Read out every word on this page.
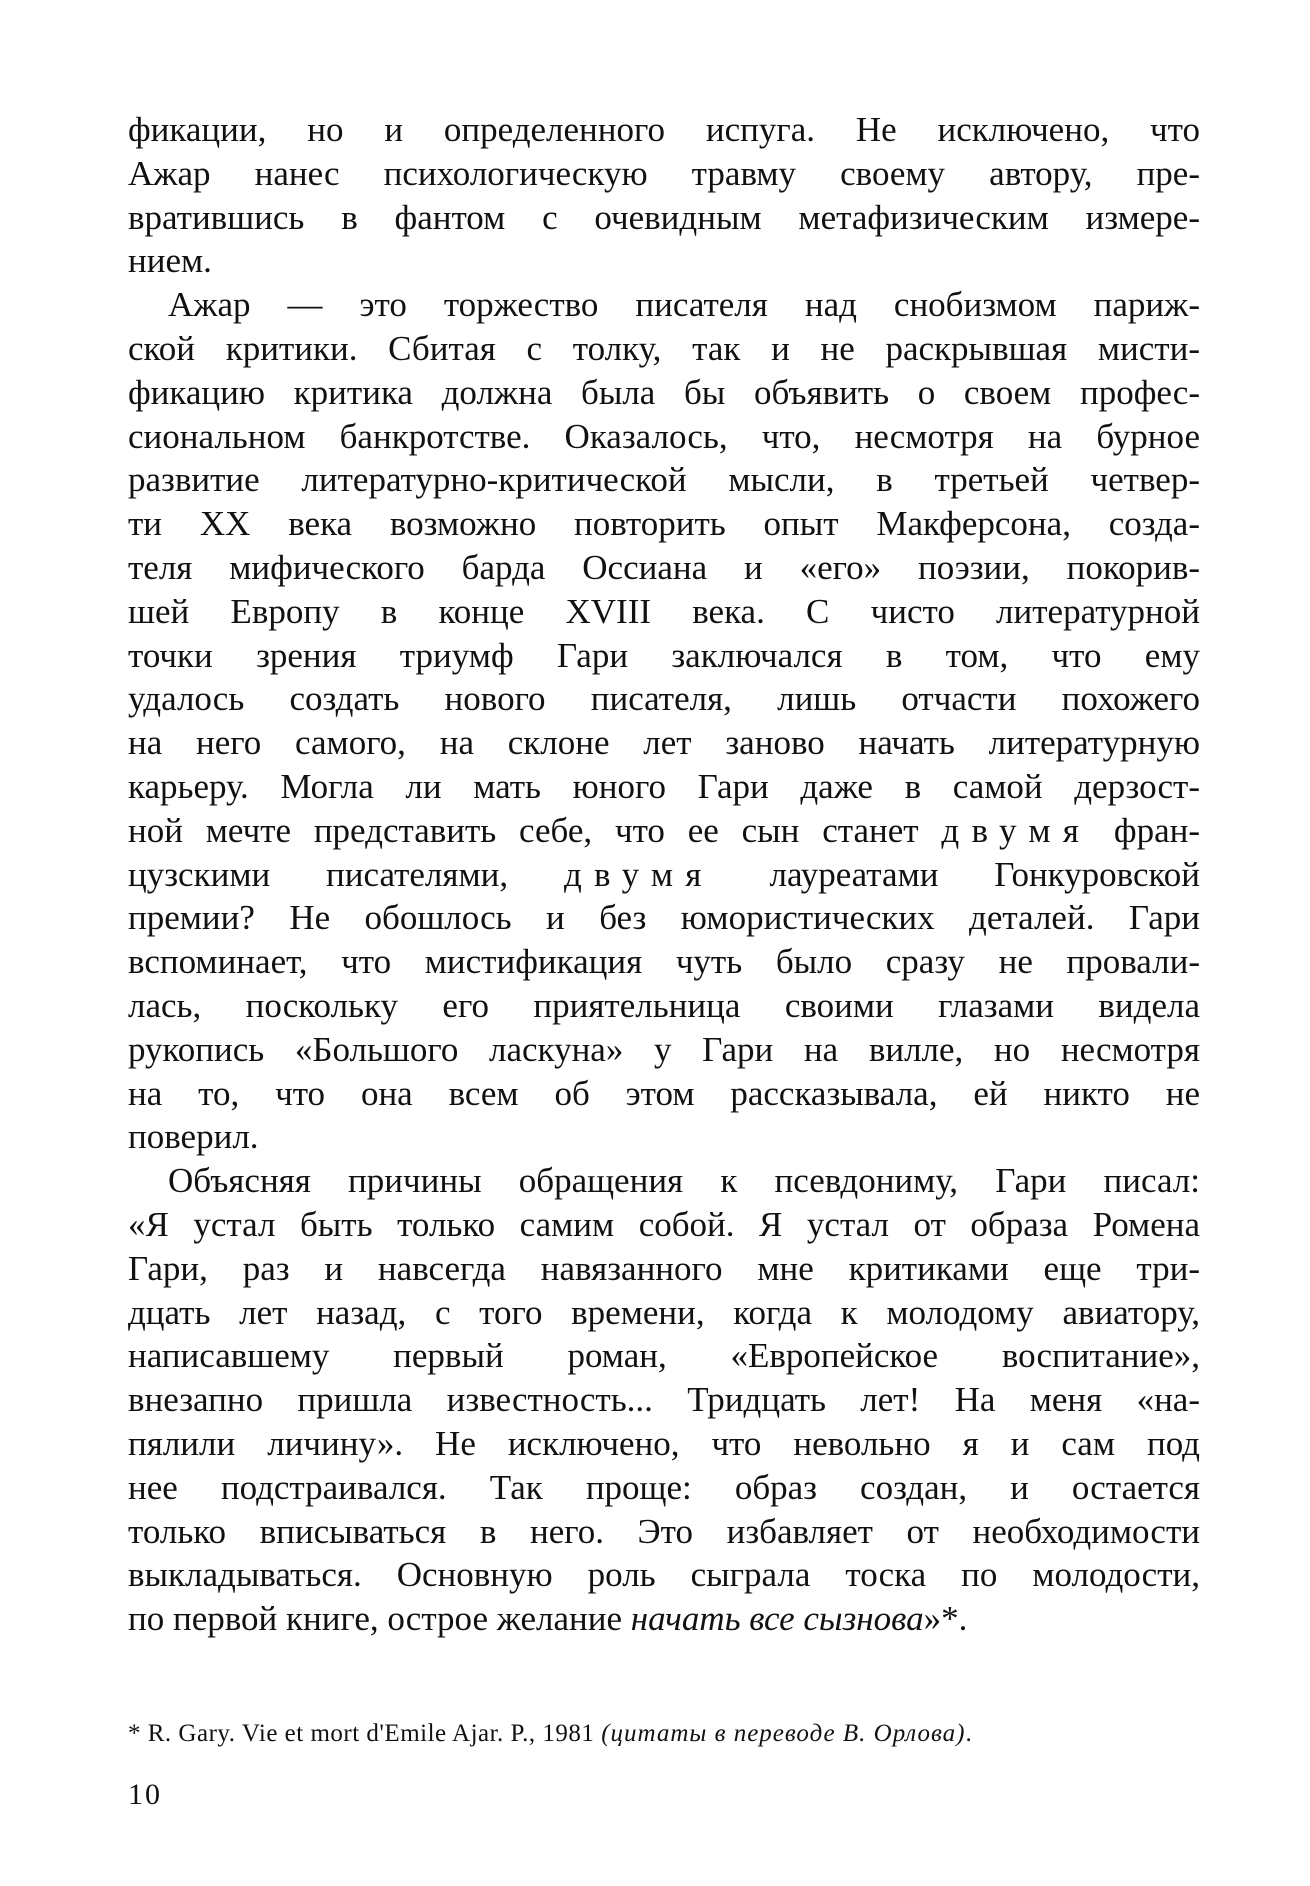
фикации, но и определенного испуга. Не исключено, что
Ажар нанес психологическую травму своему автору, пре-
вратившись в фантом с очевидным метафизическим измере-
нием.
Ажар — это торжество писателя над снобизмом париж-
ской критики. Сбитая с толку, так и не раскрывшая мисти-
фикацию критика должна была бы объявить о своем профес-
сиональном банкротстве. Оказалось, что, несмотря на бурное
развитие литературно-критической мысли, в третьей четвер-
ти XX века возможно повторить опыт Макферсона, созда-
теля мифического барда Оссиана и «его» поэзии, покорив-
шей Европу в конце XVIII века. С чисто литературной
точки зрения триумф Гари заключался в том, что ему
удалось создать нового писателя, лишь отчасти похожего
на него самого, на склоне лет заново начать литературную
карьеру. Могла ли мать юного Гари даже в самой дерзост-
ной мечте представить себе, что ее сын станет двумя фран-
цузскими писателями, двумя лауреатами Гонкуровской
премии? Не обошлось и без юмористических деталей. Гари
вспоминает, что мистификация чуть было сразу не провали-
лась, поскольку его приятельница своими глазами видела
рукопись «Большого ласкуна» у Гари на вилле, но несмотря
на то, что она всем об этом рассказывала, ей никто не
поверил.
Объясняя причины обращения к псевдониму, Гари писал:
«Я устал быть только самим собой. Я устал от образа Ромена
Гари, раз и навсегда навязанного мне критиками еще три-
дцать лет назад, с того времени, когда к молодому авиатору,
написавшему первый роман, «Европейское воспитание»,
внезапно пришла известность... Тридцать лет! На меня «на-
пялили личину». Не исключено, что невольно я и сам под
нее подстраивался. Так проще: образ создан, и остается
только вписываться в него. Это избавляет от необходимости
выкладываться. Основную роль сыграла тоска по молодости,
по первой книге, острое желание начать все сызнова»*.
* R. Gary. Vie et mort d'Emile Ajar. P., 1981 (цитаты в переводе В. Орлова).
10
